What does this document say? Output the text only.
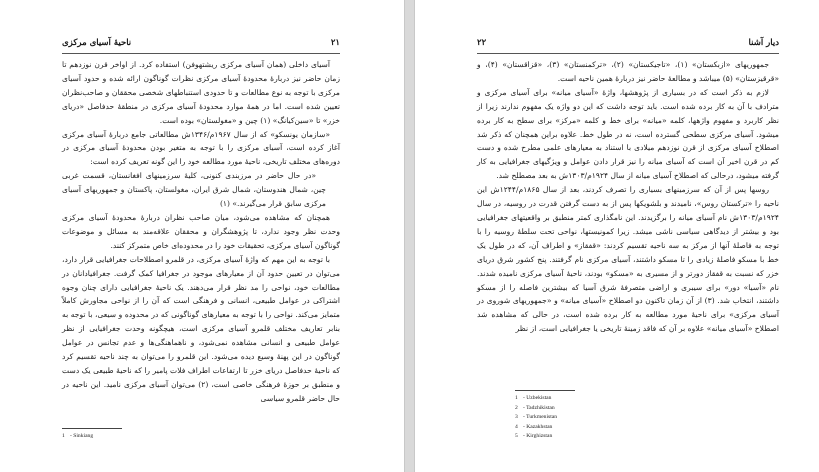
۲۱
ناحیهٔ آسیای مرکزی

آسیای داخلی (همان آسیای مرکزی ریشتهوفن) استفاده کرد. از اواخر قرن نوزدهم تا زمان حاضر نیز دربارهٔ محدودهٔ آسیای مرکزی نظرات گوناگون ارائه شده و حدود آسیای مرکزی با توجه به نوع مطالعات و تا حدودی استنباطهای شخصی محققان و صاحب‌نظران تعیین شده است. اما در همهٔ موارد محدودهٔ آسیای مرکزی در منطقهٔ حدفاصل «دریای خزر» تا «سین‌کیانگ» (۱) چین و «مغولستان» بوده است.

«سازمان یونسکو» که از سال ۱۹۶۷م/۱۳۴۶ش مطالعاتی جامع دربارهٔ آسیای مرکزی آغاز کرده است، آسیای مرکزی را با توجه به متغیر بودن محدودهٔ آسیای مرکزی در دوره‌های مختلف تاریخی، ناحیهٔ مورد مطالعه خود را این گونه تعریف کرده است:

«در حال حاضر در مرزبندی کنونی، کلیهٔ سرزمینهای افغانستان، قسمت غربی چین، شمال هندوستان، شمال شرق ایران، مغولستان، پاکستان و جمهوریهای آسیای مرکزی سابق قرار می‌گیرند.» (۱)

همچنان که مشاهده می‌شود، میان صاحب نظران دربارهٔ محدودهٔ آسیای مرکزی وحدت نظر وجود ندارد، تا پژوهشگران و محققان علاقه‌مند به مسائل و موضوعات گوناگون آسیای مرکزی، تحقیقات خود را در محدوده‌ای خاص متمرکز کنند.

با توجه به این مهم که واژهٔ آسیای مرکزی، در قلمرو اصطلاحات جغرافیایی قرار دارد، می‌توان در تعیین حدود آن از معیارهای موجود در جغرافیا کمک گرفت. جغرافیادانان در مطالعات خود، نواحی را مد نظر قرار می‌دهند. یک ناحیهٔ جغرافیایی دارای چنان وجوه اشتراکی در عوامل طبیعی، انسانی و فرهنگی است که آن را از نواحی مجاورش کاملاً متمایز می‌کند. نواحی را با توجه به معیارهای گوناگونی که در محدوده و سیعی، با توجه به بنابر تعاریف مختلف قلمرو آسیای مرکزی است، هیچگونه وحدت جغرافیایی از نظر عوامل طبیعی و انسانی مشاهده نمی‌شود، و ناهماهنگی‌ها و عدم تجانس در عوامل گوناگون در این پهنهٔ وسیع دیده می‌شود. این قلمرو را می‌توان به چند ناحیه تقسیم کرد که ناحیهٔ حدفاصل دریای خزر تا ارتفاعات اطراف فلات پامیر را که ناحیهٔ طبیعی یک دست و منطبق بر حوزهٔ فرهنگی خاصی است، (۲) می‌توان آسیای مرکزی نامید. این ناحیه در حال حاضر قلمرو سیاسی

1 - Sinkiang
۲۲	دیار آشنا

جمهوریهای «ازبکستان» (۱)، «تاجیکستان» (۲)، «ترکمنستان» (۳)، «قزاقستان» (۴)، و «قرقیزستان» (۵) میباشد و مطالعهٔ حاضر نیز دربارهٔ همین ناحیه است.

لازم به ذکر است که در بسیاری از پژوهشها، واژهٔ «آسیای میانه» برای آسیای مرکزی و مترادف با آن به کار برده شده است. باید توجه داشت که این دو واژه یک مفهوم ندارند زیرا از نظر کاربرد و مفهوم واژهها، کلمه «میانه» برای خط و کلمه «مرکز» برای سطح به کار برده میشود. آسیای مرکزی سطحی گسترده است، نه در طول خط. علاوه براین همچنان که ذکر شد اصطلاح آسیای مرکزی از قرن نوزدهم میلادی با استناد به معیارهای علمی مطرح شده و دست کم در قرن اخیر آن است که آسیای میانه را نیز قرار دادن عوامل و ویژگیهای جغرافیایی به کار گرفته میشود، درحالی که اصطلاح آسیای میانه از سال ۱۹۲۴م/۱۳۰۳ش به بعد مصطلح شد.

روسها پس از آن که سرزمینهای بسیاری را تصرف کردند، بعد از سال ۱۸۶۵م/۱۲۴۴ش این ناحیه را «ترکستان روس»، نامیدند و بلشویکها پس از به دست گرفتن قدرت در روسیه، در سال ۱۹۲۴م/۱۳۰۳ش نام آسیای میانه را برگزیدند. این نامگذاری کمتر منطبق بر واقعیتهای جغرافیایی بود و بیشتر از دیدگاهی سیاسی ناشی میشد. زیرا کمونیستها، نواحی تحت سلطهٔ روسیه را با توجه به فاصلهٔ آنها از مرکز به سه ناحیه تقسیم کردند: «قفقاز» و اطراف آن، که در طول یک خط با مسکو فاصلهٔ زیادی را تا مسکو داشتند، آسیای مرکزی نام گرفتند. پنج کشور شرق دریای خزر که نسبت به قفقاز دورتر و از مسیری به «مسکو» بودند، ناحیهٔ آسیای مرکزی نامیده شدند. نام «آسیا» دور» برای سیبری و اراضی متصرفهٔ شرق آسیا که بیشترین فاصله را از مسکو داشتند، انتخاب شد. (۳) از آن زمان تاکنون دو اصطلاح «آسیای میانه» و «جمهوریهای شوروی در آسیای مرکزی» برای ناحیهٔ مورد مطالعه به کار برده شده است، در حالی که مشاهده شد اصطلاح «آسیای میانه» علاوه بر آن که فاقد زمینهٔ تاریخی یا جغرافیایی است، از نظر

1 - Uzbekistan
2 - Tadzhikistan
3 - Turkmenistan
4 - Kazakhstan
5 - Kirghizstan
